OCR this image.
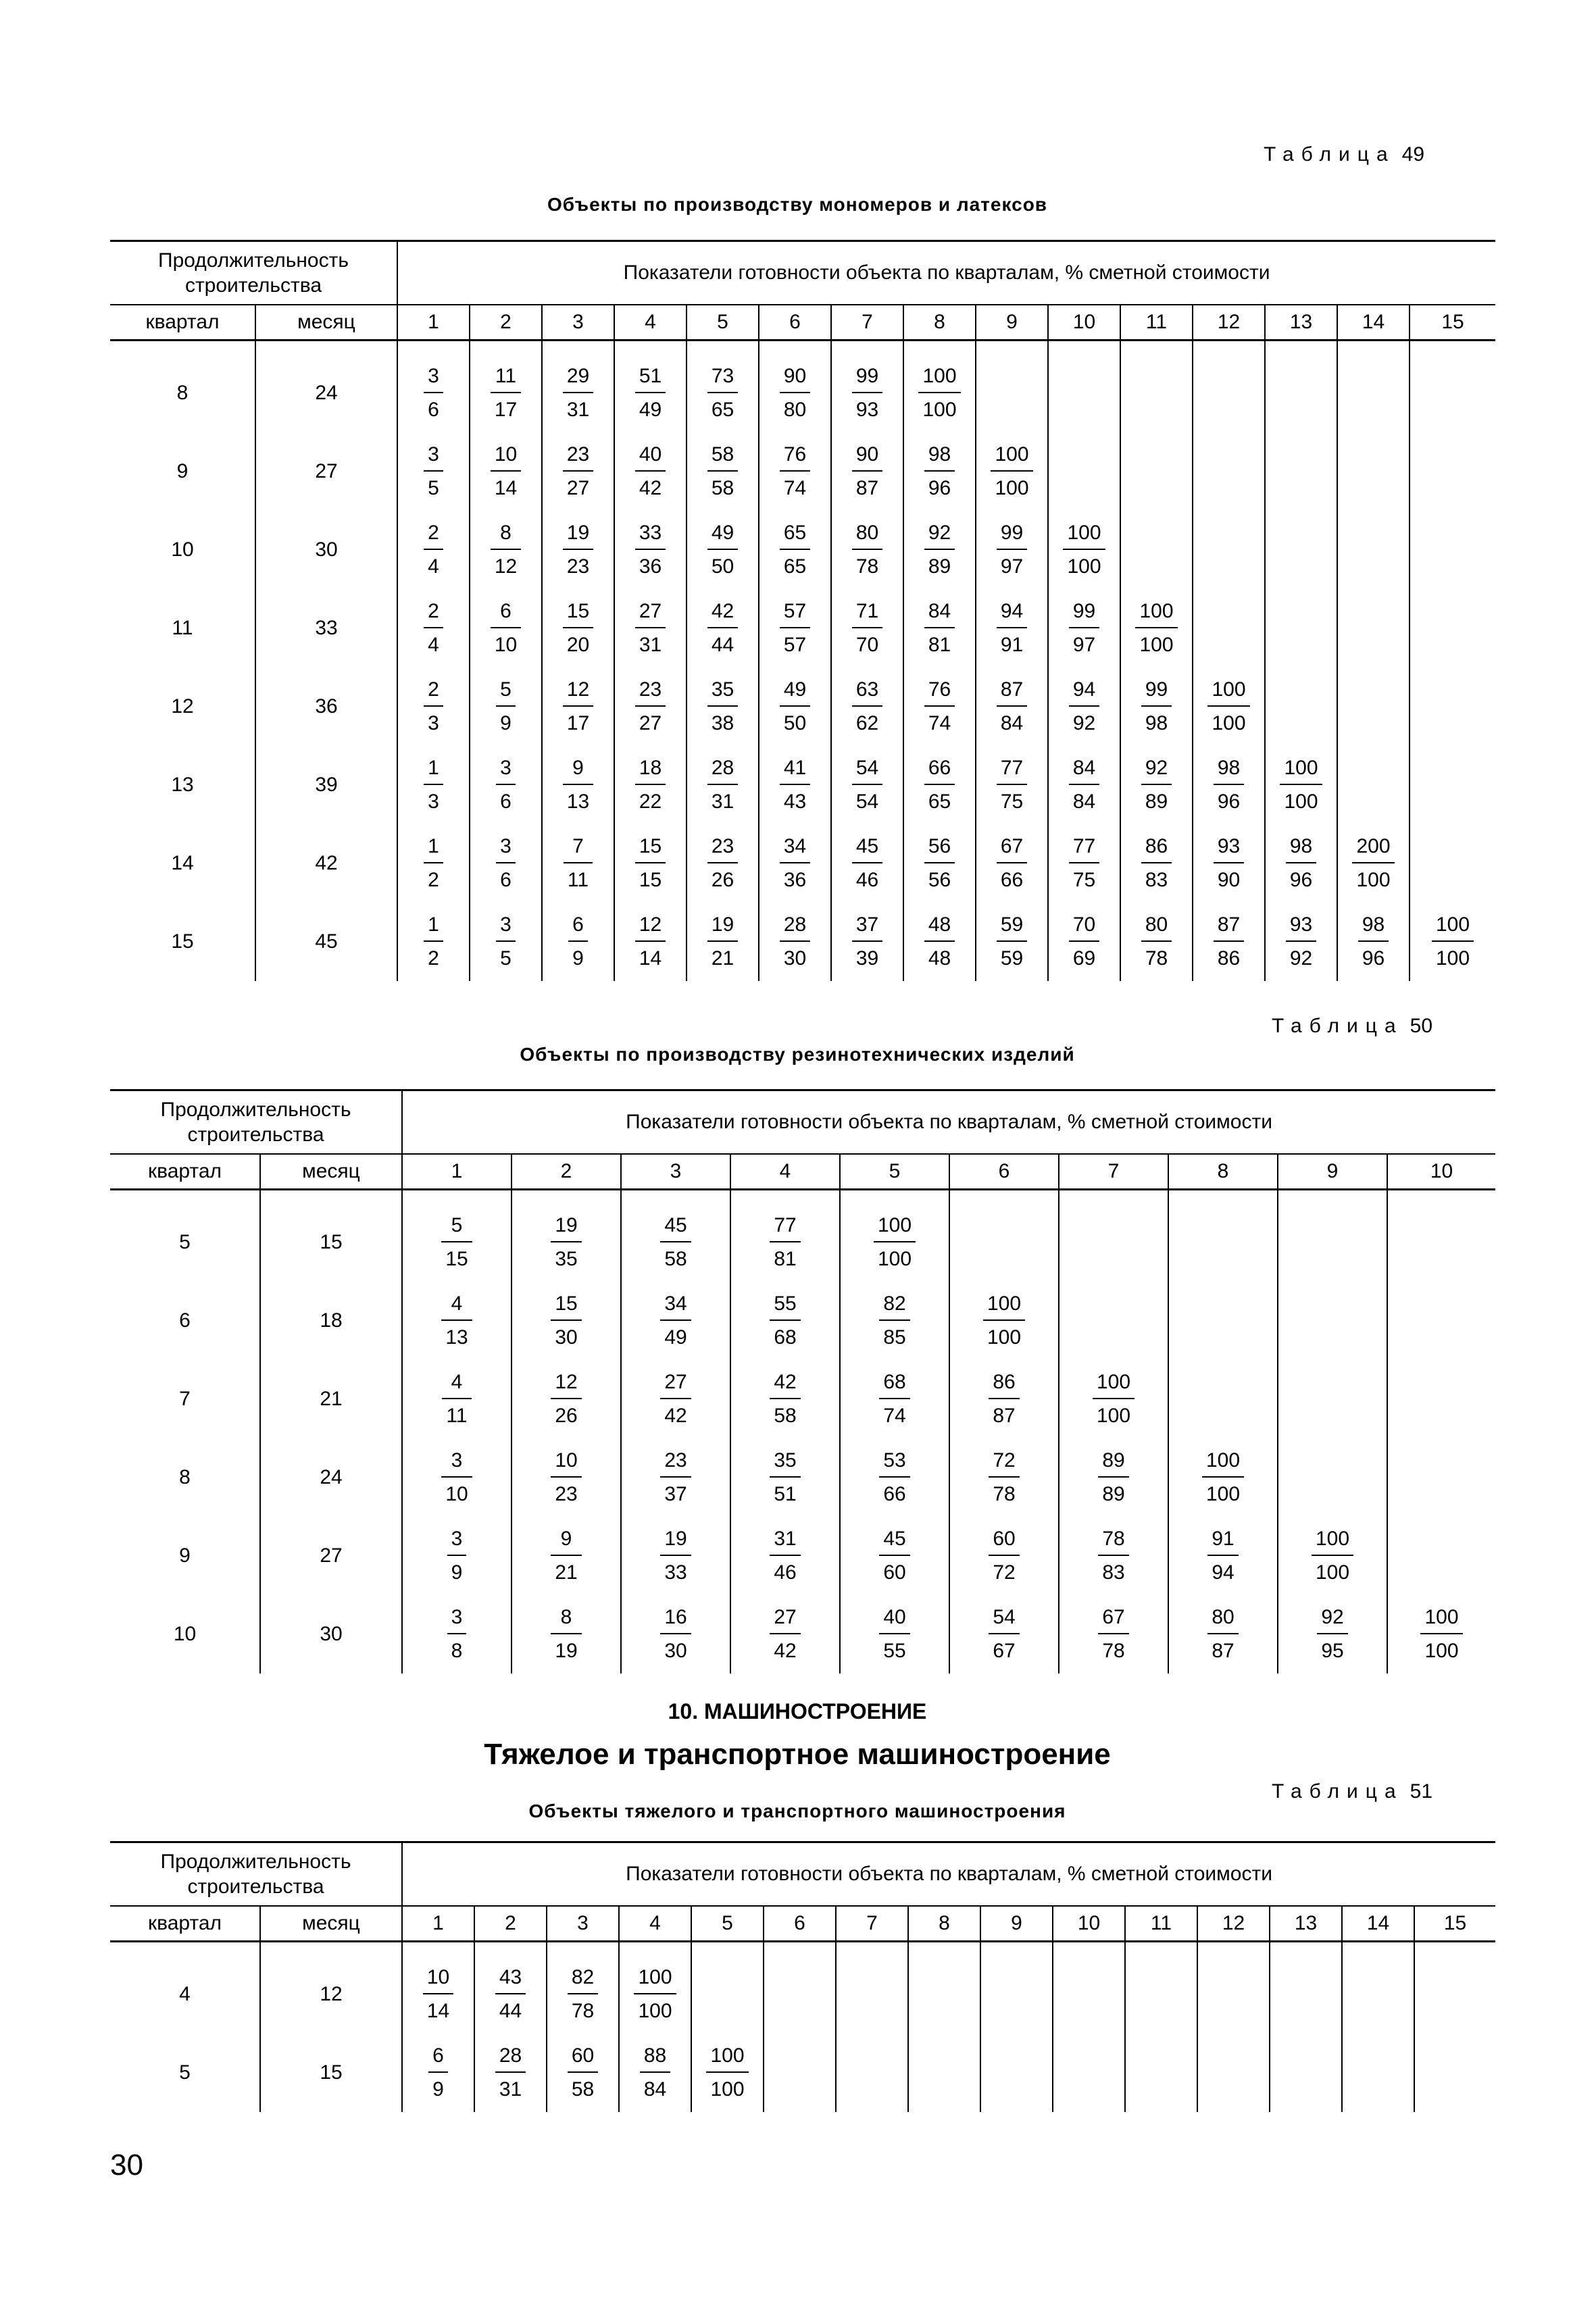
Таблица 49
Объекты по производству мономеров и латексов
Продолжительность строительства		Показатели готовности объекта по кварталам, % сметной стоимости														
квартал	месяц	1	2	3	4	5	6	7	8	9	10	11	12	13	14	15

8	24	$\frac{3}{6}$	$\frac{11}{17}$	$\frac{29}{31}$	$\frac{51}{49}$	$\frac{73}{65}$	$\frac{90}{80}$	$\frac{99}{93}$	$\frac{100}{100}$

9	27	$\frac{3}{5}$	$\frac{10}{14}$	$\frac{23}{27}$	$\frac{40}{42}$	$\frac{58}{58}$	$\frac{76}{74}$	$\frac{90}{87}$	$\frac{98}{96}$	$\frac{100}{100}$

10	30	$\frac{2}{4}$	$\frac{8}{12}$	$\frac{19}{23}$	$\frac{33}{36}$	$\frac{49}{50}$	$\frac{65}{65}$	$\frac{80}{78}$	$\frac{92}{89}$	$\frac{99}{97}$	$\frac{100}{100}$

11	33	$\frac{2}{4}$	$\frac{6}{10}$	$\frac{15}{20}$	$\frac{27}{31}$	$\frac{42}{44}$	$\frac{57}{57}$	$\frac{71}{70}$	$\frac{84}{81}$	$\frac{94}{91}$	$\frac{99}{97}$	$\frac{100}{100}$

12	36	$\frac{2}{3}$	$\frac{5}{9}$	$\frac{12}{17}$	$\frac{23}{27}$	$\frac{35}{38}$	$\frac{49}{50}$	$\frac{63}{62}$	$\frac{76}{74}$	$\frac{87}{84}$	$\frac{94}{92}$	$\frac{99}{98}$	$\frac{100}{100}$

13	39	$\frac{1}{3}$	$\frac{3}{6}$	$\frac{9}{13}$	$\frac{18}{22}$	$\frac{28}{31}$	$\frac{41}{43}$	$\frac{54}{54}$	$\frac{66}{65}$	$\frac{77}{75}$	$\frac{84}{84}$	$\frac{92}{89}$	$\frac{98}{96}$	$\frac{100}{100}$

14	42	$\frac{1}{2}$	$\frac{3}{6}$	$\frac{7}{11}$	$\frac{15}{15}$	$\frac{23}{26}$	$\frac{34}{36}$	$\frac{45}{46}$	$\frac{56}{56}$	$\frac{67}{66}$	$\frac{77}{75}$	$\frac{86}{83}$	$\frac{93}{90}$	$\frac{98}{96}$	$\frac{200}{100}$

15	45	$\frac{1}{2}$	$\frac{3}{5}$	$\frac{6}{9}$	$\frac{12}{14}$	$\frac{19}{21}$	$\frac{28}{30}$	$\frac{37}{39}$	$\frac{48}{48}$	$\frac{59}{59}$	$\frac{70}{69}$	$\frac{80}{78}$	$\frac{87}{86}$	$\frac{93}{92}$	$\frac{98}{96}$	$\frac{100}{100}$
Таблица 50
Объекты по производству резинотехнических изделий
Продолжительность строительства		Показатели готовности объекта по кварталам, % сметной стоимости									
квартал	месяц	1	2	3	4	5	6	7	8	9	10

5	15	$\frac{5}{15}$	$\frac{19}{35}$	$\frac{45}{58}$	$\frac{77}{81}$	$\frac{100}{100}$

6	18	$\frac{4}{13}$	$\frac{15}{30}$	$\frac{34}{49}$	$\frac{55}{68}$	$\frac{82}{85}$	$\frac{100}{100}$

7	21	$\frac{4}{11}$	$\frac{12}{26}$	$\frac{27}{42}$	$\frac{42}{58}$	$\frac{68}{74}$	$\frac{86}{87}$	$\frac{100}{100}$

8	24	$\frac{3}{10}$	$\frac{10}{23}$	$\frac{23}{37}$	$\frac{35}{51}$	$\frac{53}{66}$	$\frac{72}{78}$	$\frac{89}{89}$	$\frac{100}{100}$

9	27	$\frac{3}{9}$	$\frac{9}{21}$	$\frac{19}{33}$	$\frac{31}{46}$	$\frac{45}{60}$	$\frac{60}{72}$	$\frac{78}{83}$	$\frac{91}{94}$	$\frac{100}{100}$

10	30	$\frac{3}{8}$	$\frac{8}{19}$	$\frac{16}{30}$	$\frac{27}{42}$	$\frac{40}{55}$	$\frac{54}{67}$	$\frac{67}{78}$	$\frac{80}{87}$	$\frac{92}{95}$	$\frac{100}{100}$
10. МАШИНОСТРОЕНИЕ
Тяжелое и транспортное машиностроение
Таблица 51
Объекты тяжелого и транспортного машиностроения
Продолжительность строительства		Показатели готовности объекта по кварталам, % сметной стоимости														
квартал	месяц	1	2	3	4	5	6	7	8	9	10	11	12	13	14	15

4	12	$\frac{10}{14}$	$\frac{43}{44}$	$\frac{82}{78}$	$\frac{100}{100}$

5	15	$\frac{6}{9}$	$\frac{28}{31}$	$\frac{60}{58}$	$\frac{88}{84}$	$\frac{100}{100}$

30
